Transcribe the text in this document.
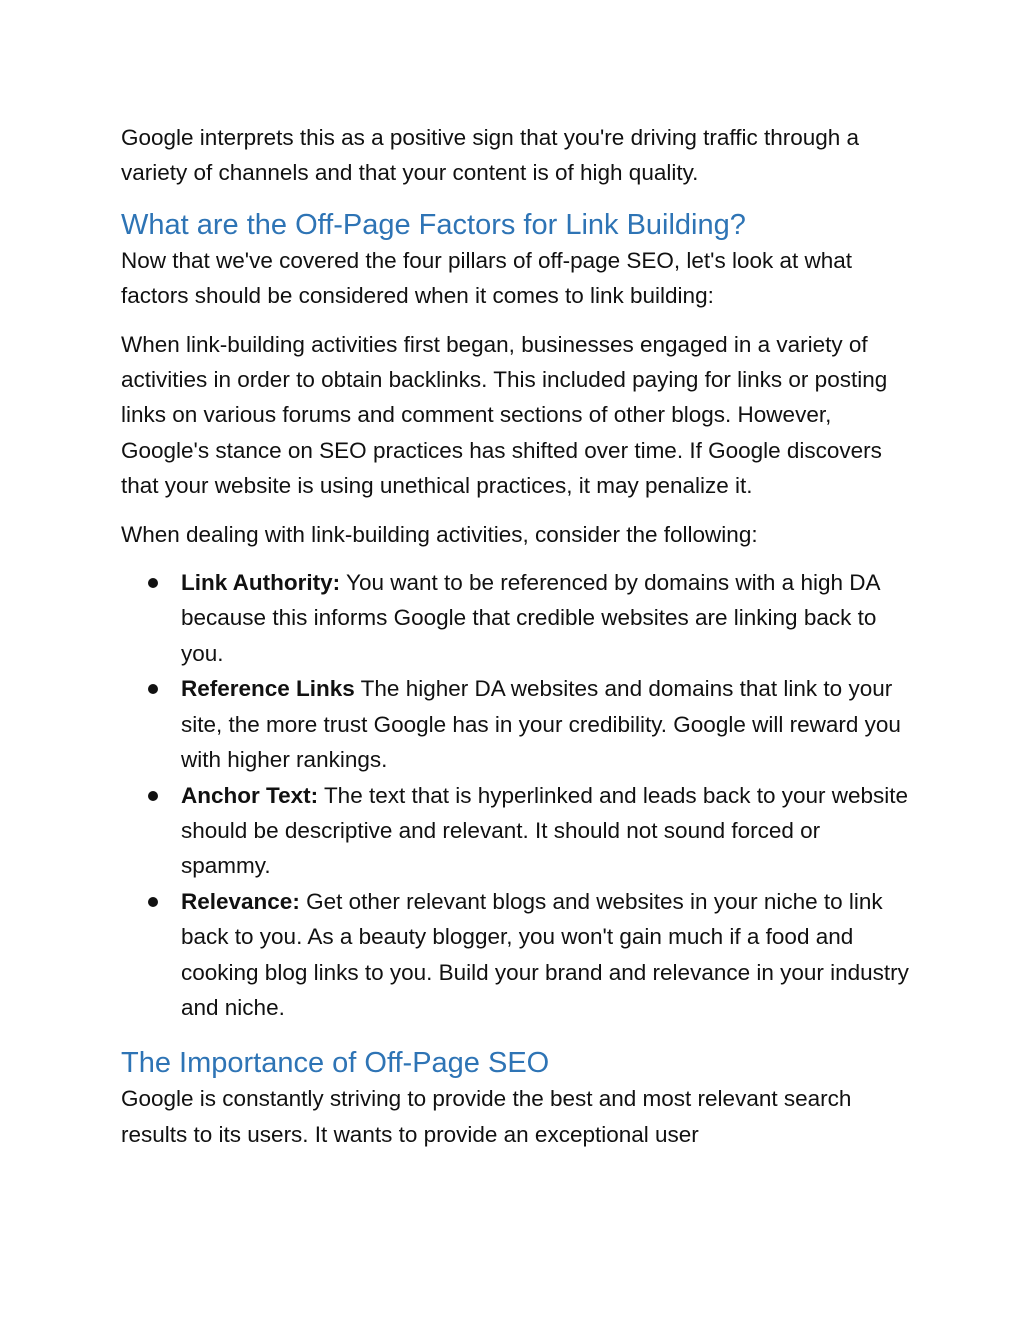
Google interprets this as a positive sign that you're driving traffic through a variety of channels and that your content is of high quality.

What are the Off-Page Factors for Link Building?

Now that we've covered the four pillars of off-page SEO, let's look at what factors should be considered when it comes to link building:

When link-building activities first began, businesses engaged in a variety of activities in order to obtain backlinks. This included paying for links or posting links on various forums and comment sections of other blogs. However, Google's stance on SEO practices has shifted over time. If Google discovers that your website is using unethical practices, it may penalize it.

When dealing with link-building activities, consider the following:

Link Authority: You want to be referenced by domains with a high DA because this informs Google that credible websites are linking back to you.
Reference Links The higher DA websites and domains that link to your site, the more trust Google has in your credibility. Google will reward you with higher rankings.
Anchor Text: The text that is hyperlinked and leads back to your website should be descriptive and relevant. It should not sound forced or spammy.
Relevance: Get other relevant blogs and websites in your niche to link back to you. As a beauty blogger, you won't gain much if a food and cooking blog links to you. Build your brand and relevance in your industry and niche.
The Importance of Off-Page SEO

Google is constantly striving to provide the best and most relevant search results to its users. It wants to provide an exceptional user
